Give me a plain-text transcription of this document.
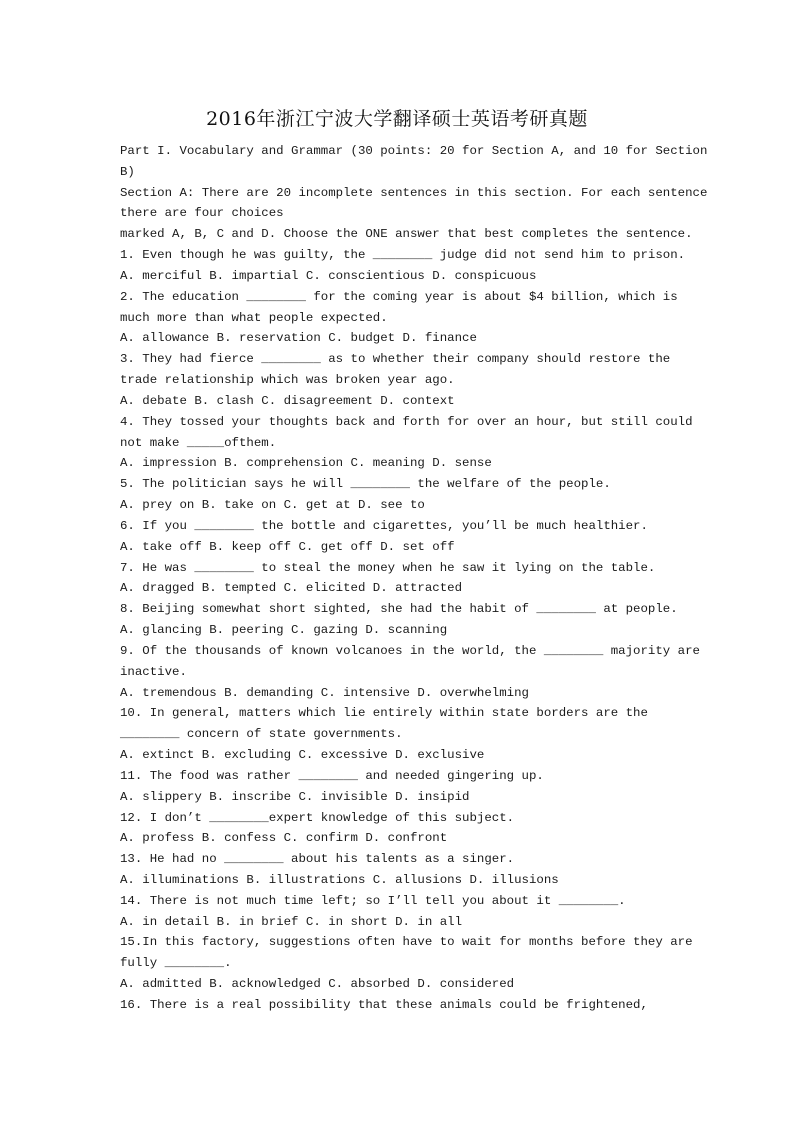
2016年浙江宁波大学翻译硕士英语考研真题
Part I. Vocabulary and Grammar (30 points: 20 for Section A, and 10 for Section
B)
Section A: There are 20 incomplete sentences in this section. For each sentence
there are four choices
marked A, B, C and D. Choose the ONE answer that best completes the sentence.
1. Even though he was guilty, the ________ judge did not send him to prison.
A. merciful B. impartial C. conscientious D. conspicuous
2. The education ________ for the coming year is about $4 billion, which is
much more than what people expected.
A. allowance B. reservation C. budget D. finance
3. They had fierce ________ as to whether their company should restore the
trade relationship which was broken year ago.
A. debate B. clash C. disagreement D. context
4. They tossed your thoughts back and forth for over an hour, but still could
not make _____ofthem.
A. impression B. comprehension C. meaning D. sense
5. The politician says he will ________ the welfare of the people.
A. prey on B. take on C. get at D. see to
6. If you ________ the bottle and cigarettes, you’ll be much healthier.
A. take off B. keep off C. get off D. set off
7. He was ________ to steal the money when he saw it lying on the table.
A. dragged B. tempted C. elicited D. attracted
8. Beijing somewhat short sighted, she had the habit of ________ at people.
A. glancing B. peering C. gazing D. scanning
9. Of the thousands of known volcanoes in the world, the ________ majority are
inactive.
A. tremendous B. demanding C. intensive D. overwhelming
10. In general, matters which lie entirely within state borders are the
________ concern of state governments.
A. extinct B. excluding C. excessive D. exclusive
11. The food was rather ________ and needed gingering up.
A. slippery B. inscribe C. invisible D. insipid
12. I don’t ________expert knowledge of this subject.
A. profess B. confess C. confirm D. confront
13. He had no ________ about his talents as a singer.
A. illuminations B. illustrations C. allusions D. illusions
14. There is not much time left; so I’ll tell you about it ________.
A. in detail B. in brief C. in short D. in all
15.In this factory, suggestions often have to wait for months before they are
fully ________.
A. admitted B. acknowledged C. absorbed D. considered
16. There is a real possibility that these animals could be frightened,
